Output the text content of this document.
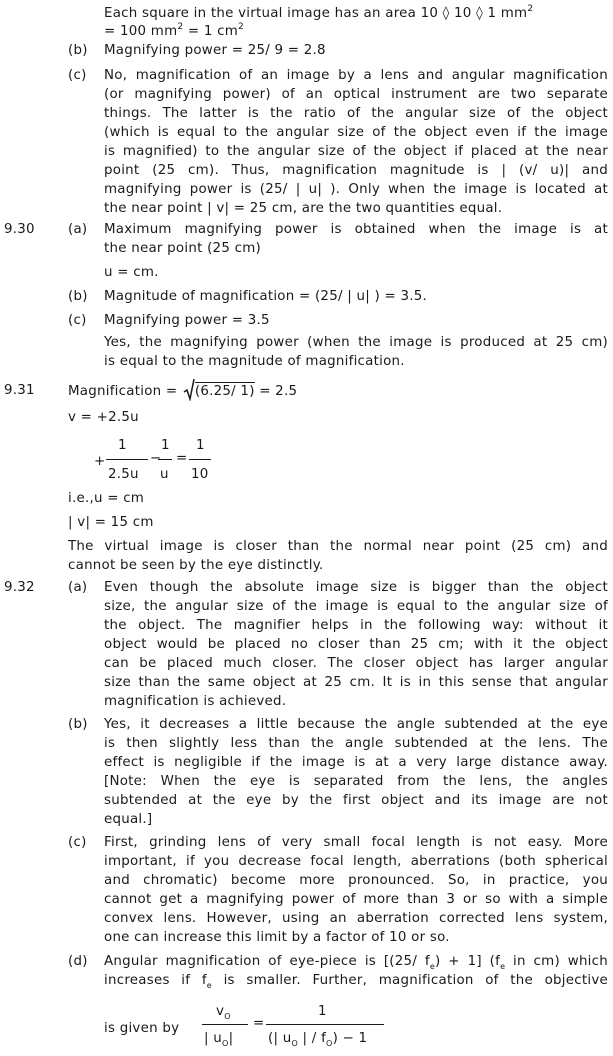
Each square in the virtual image has an area 10 ◊ 10 ◊ 1 $mm^2$
= 100 $mm^2 = 1$ $cm^2$
(b) Magnifying power = 25/ 9 = 2.8
(c) No, magnification of an image by a lens and angular magnification
(or magnifying power) of an optical instrument are two separate
things. The latter is the ratio of the angular size of the object
(which is equal to the angular size of the object even if the image
is magnified) to the angular size of the object if placed at the near
point (25 cm). Thus, magnification magnitude is | (v/ u)| and
magnifying power is (25/ | u| ). Only when the image is located at
the near point | v| = 25 cm, are the two quantities equal.
9.30 (a) Maximum magnifying power is obtained when the image is at
the near point (25 cm)
u = cm.
(b) Magnitude of magnification = (25/ | u| ) = 3.5.
(c) Magnifying power = 3.5
Yes, the magnifying power (when the image is produced at 25 cm)
is equal to the magnitude of magnification.
9.31 Magnification = (6.25/ 1) = 2.5
v = +2.5u
+
1
2.5u
−
1
u
=
1
10
i.e.,u = cm
| v| = 15 cm
The virtual image is closer than the normal near point (25 cm) and
cannot be seen by the eye distinctly.
9.32 (a) Even though the absolute image size is bigger than the object
size, the angular size of the image is equal to the angular size of
the object. The magnifier helps in the following way: without it
object would be placed no closer than 25 cm; with it the object
can be placed much closer. The closer object has larger angular
size than the same object at 25 cm. It is in this sense that angular
magnification is achieved.
(b) Yes, it decreases a little because the angle subtended at the eye
is then slightly less than the angle subtended at the lens. The
effect is negligible if the image is at a very large distance away.
[Note: When the eye is separated from the lens, the angles
subtended at the eye by the first object and its image are not
equal.]
(c) First, grinding lens of very small focal length is not easy. More
important, if you decrease focal length, aberrations (both spherical
and chromatic) become more pronounced. So, in practice, you
cannot get a magnifying power of more than 3 or so with a simple
convex lens. However, using an aberration corrected lens system,
one can increase this limit by a factor of 10 or so.
(d) Angular magnification of eye-piece is [(25/ $f_e) + 1$] ($f_e$ in cm) which
increases if $f_e$ is smaller. Further, magnification of the objective
is given by
$v_O$
| $u_O|$
=
1
(| $u_O$ | / $f_O) - 1$
